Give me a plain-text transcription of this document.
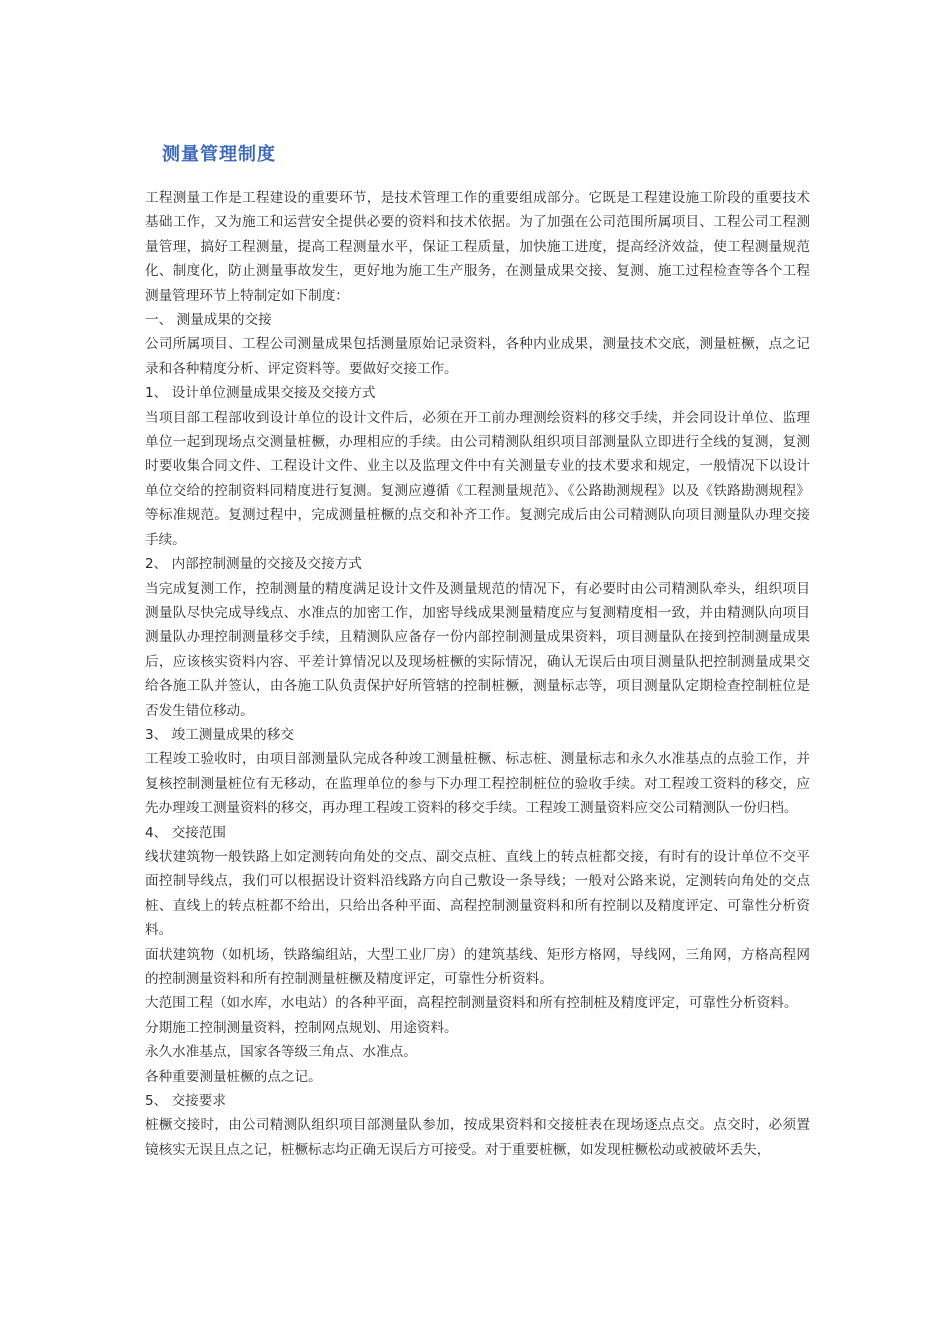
测量管理制度

工程测量工作是工程建设的重要环节，是技术管理工作的重要组成部分。它既是工程建设施工阶段的重要技术基础工作，又为施工和运营安全提供必要的资料和技术依据。为了加强在公司范围所属项目、工程公司工程测量管理，搞好工程测量，提高工程测量水平，保证工程质量，加快施工进度，提高经济效益，使工程测量规范化、制度化，防止测量事故发生，更好地为施工生产服务，在测量成果交接、复测、施工过程检查等各个工程测量管理环节上特制定如下制度：

一、 测量成果的交接

公司所属项目、工程公司测量成果包括测量原始记录资料，各种内业成果，测量技术交底，测量桩橛，点之记录和各种精度分析、评定资料等。要做好交接工作。

1、 设计单位测量成果交接及交接方式

当项目部工程部收到设计单位的设计文件后，必须在开工前办理测绘资料的移交手续，并会同设计单位、监理单位一起到现场点交测量桩橛，办理相应的手续。由公司精测队组织项目部测量队立即进行全线的复测，复测时要收集合同文件、工程设计文件、业主以及监理文件中有关测量专业的技术要求和规定，一般情况下以设计单位交给的控制资料同精度进行复测。复测应遵循《工程测量规范》、《公路勘测规程》以及《铁路勘测规程》等标准规范。复测过程中，完成测量桩橛的点交和补齐工作。复测完成后由公司精测队向项目测量队办理交接手续。

2、 内部控制测量的交接及交接方式

当完成复测工作，控制测量的精度满足设计文件及测量规范的情况下，有必要时由公司精测队牵头，组织项目测量队尽快完成导线点、水准点的加密工作，加密导线成果测量精度应与复测精度相一致，并由精测队向项目测量队办理控制测量移交手续，且精测队应备存一份内部控制测量成果资料，项目测量队在接到控制测量成果后，应该核实资料内容、平差计算情况以及现场桩橛的实际情况，确认无误后由项目测量队把控制测量成果交给各施工队并签认，由各施工队负责保护好所管辖的控制桩橛，测量标志等，项目测量队定期检查控制桩位是否发生错位移动。

3、 竣工测量成果的移交

工程竣工验收时，由项目部测量队完成各种竣工测量桩橛、标志桩、测量标志和永久水准基点的点验工作，并复核控制测量桩位有无移动，在监理单位的参与下办理工程控制桩位的验收手续。对工程竣工资料的移交，应先办理竣工测量资料的移交，再办理工程竣工资料的移交手续。工程竣工测量资料应交公司精测队一份归档。

4、 交接范围

线状建筑物一般铁路上如定测转向角处的交点、副交点桩、直线上的转点桩都交接，有时有的设计单位不交平面控制导线点，我们可以根据设计资料沿线路方向自己敷设一条导线；一般对公路来说，定测转向角处的交点桩、直线上的转点桩都不给出，只给出各种平面、高程控制测量资料和所有控制以及精度评定、可靠性分析资料。

面状建筑物（如机场，铁路编组站，大型工业厂房）的建筑基线、矩形方格网，导线网，三角网，方格高程网的控制测量资料和所有控制测量桩橛及精度评定，可靠性分析资料。

大范围工程（如水库，水电站）的各种平面，高程控制测量资料和所有控制桩及精度评定，可靠性分析资料。

分期施工控制测量资料，控制网点规划、用途资料。

永久水准基点，国家各等级三角点、水准点。

各种重要测量桩橛的点之记。

5、 交接要求

桩橛交接时，由公司精测队组织项目部测量队参加，按成果资料和交接桩表在现场逐点点交。点交时，必须置镜核实无误且点之记，桩橛标志均正确无误后方可接受。对于重要桩橛，如发现桩橛松动或被破坏丢失，
